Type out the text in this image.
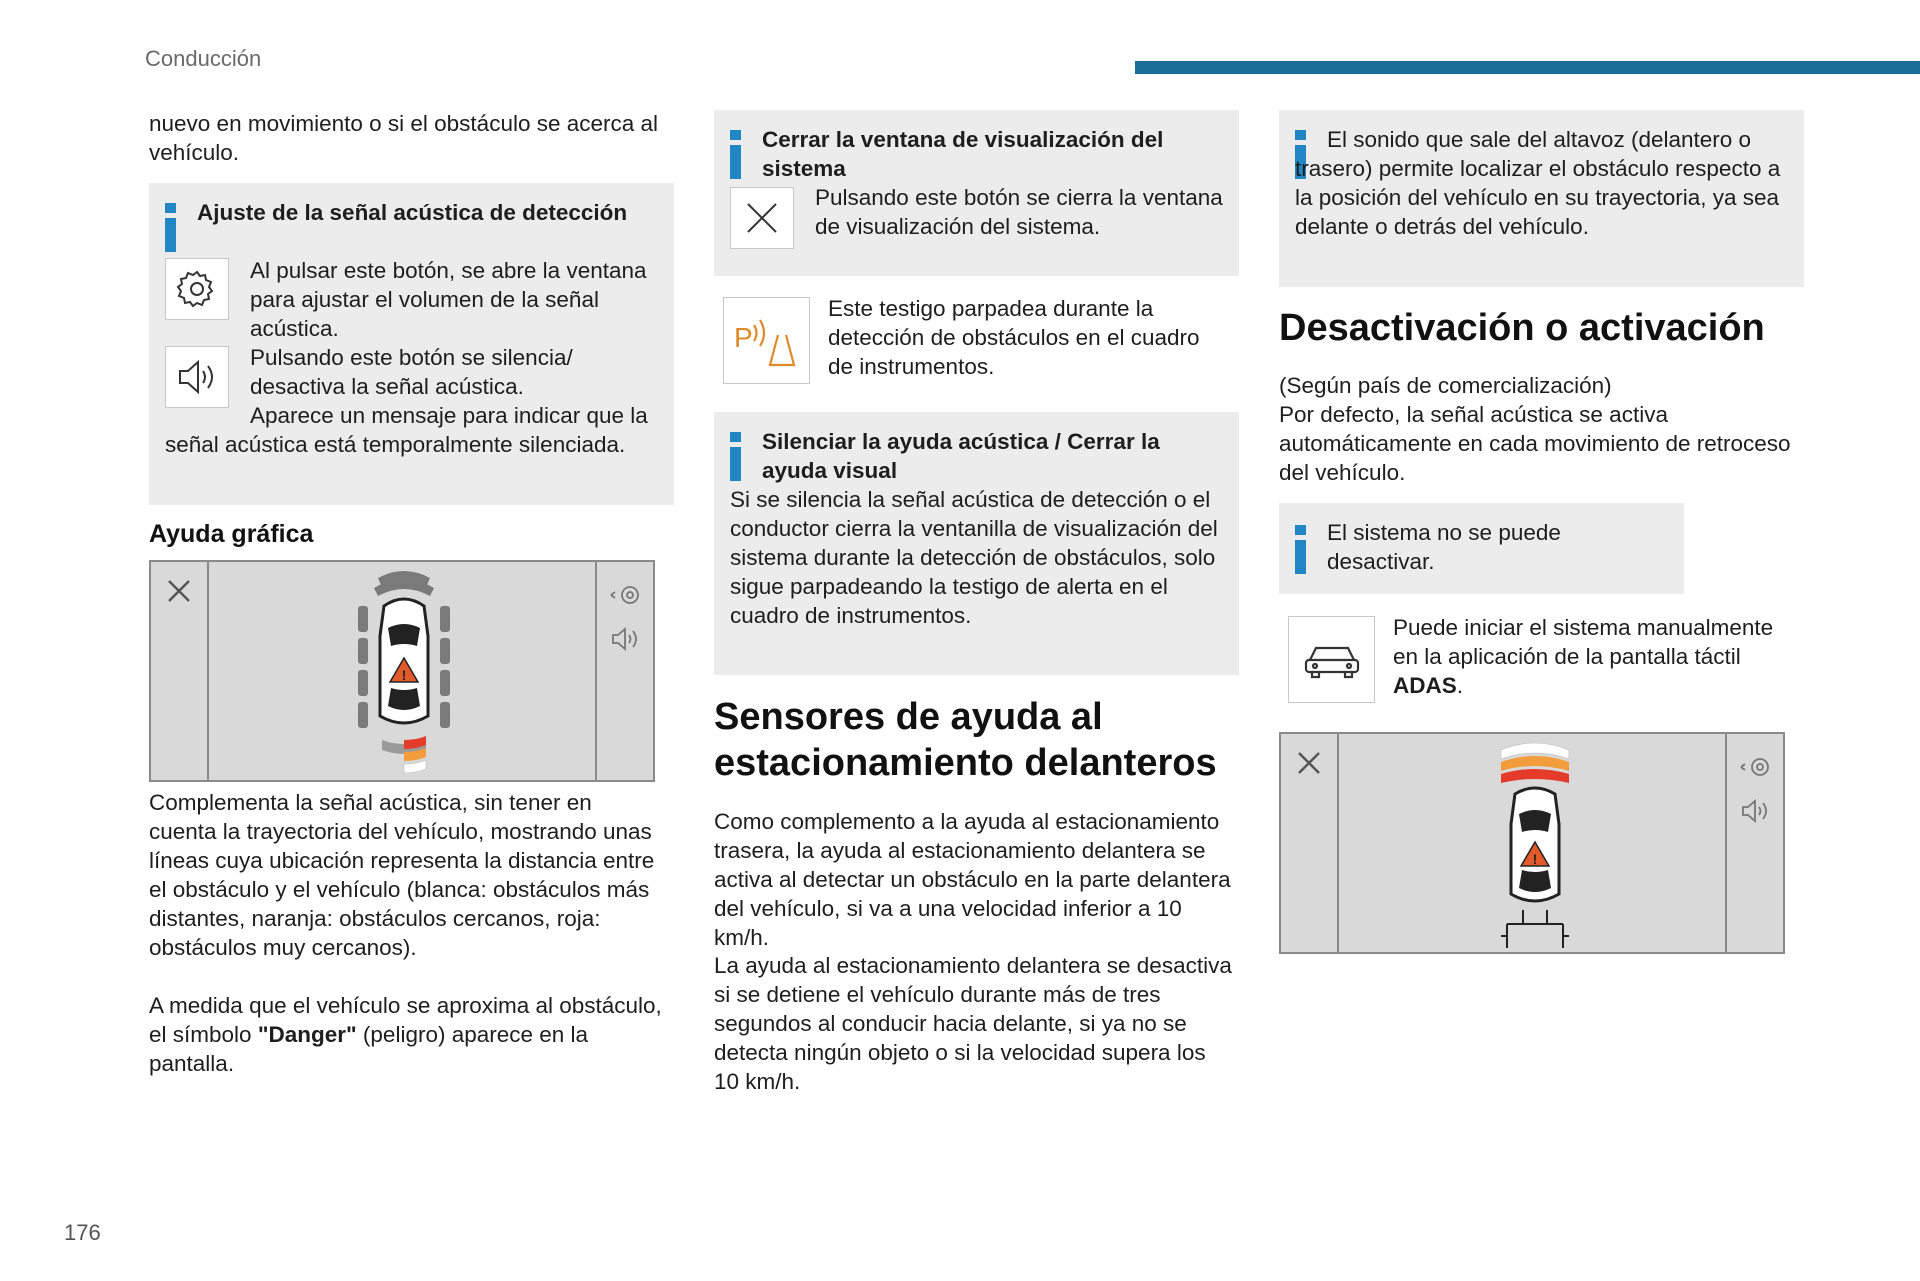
Conducción

nuevo en movimiento o si el obstáculo se acerca al vehículo.

Ajuste de la señal acústica de detección

Al pulsar este botón, se abre la ventana para ajustar el volumen de la señal acústica.

Pulsando este botón se silencia/ desactiva la señal acústica.

Aparece un mensaje para indicar que la señal acústica está temporalmente silenciada.

Ayuda gráfica
!

Complementa la señal acústica, sin tener en cuenta la trayectoria del vehículo, mostrando unas líneas cuya ubicación representa la distancia entre el obstáculo y el vehículo (blanca: obstáculos más distantes, naranja: obstáculos cercanos, roja: obstáculos muy cercanos).

A medida que el vehículo se aproxima al obstáculo, el símbolo "Danger" (peligro) aparece en la pantalla.

Cerrar la ventana de visualización del sistema

Pulsando este botón se cierra la ventana de visualización del sistema.

P

Este testigo parpadea durante la detección de obstáculos en el cuadro de instrumentos.

Silenciar la ayuda acústica / Cerrar la ayuda visual

Si se silencia la señal acústica de detección o el conductor cierra la ventanilla de visualización del sistema durante la detección de obstáculos, solo sigue parpadeando la testigo de alerta en el cuadro de instrumentos.

Sensores de ayuda al estacionamiento delanteros

Como complemento a la ayuda al estacionamiento trasera, la ayuda al estacionamiento delantera se activa al detectar un obstáculo en la parte delantera del vehículo, si va a una velocidad inferior a 10 km/h.

La ayuda al estacionamiento delantera se desactiva si se detiene el vehículo durante más de tres segundos al conducir hacia delante, si ya no se detecta ningún objeto o si la velocidad supera los 10 km/h.

El sonido que sale del altavoz (delantero o trasero) permite localizar el obstáculo respecto a la posición del vehículo en su trayectoria, ya sea delante o detrás del vehículo.

Desactivación o activación

(Según país de comercialización)

Por defecto, la señal acústica se activa automáticamente en cada movimiento de retroceso del vehículo.

El sistema no se puede desactivar.

Puede iniciar el sistema manualmente en la aplicación de la pantalla táctil ADAS.

!
176
